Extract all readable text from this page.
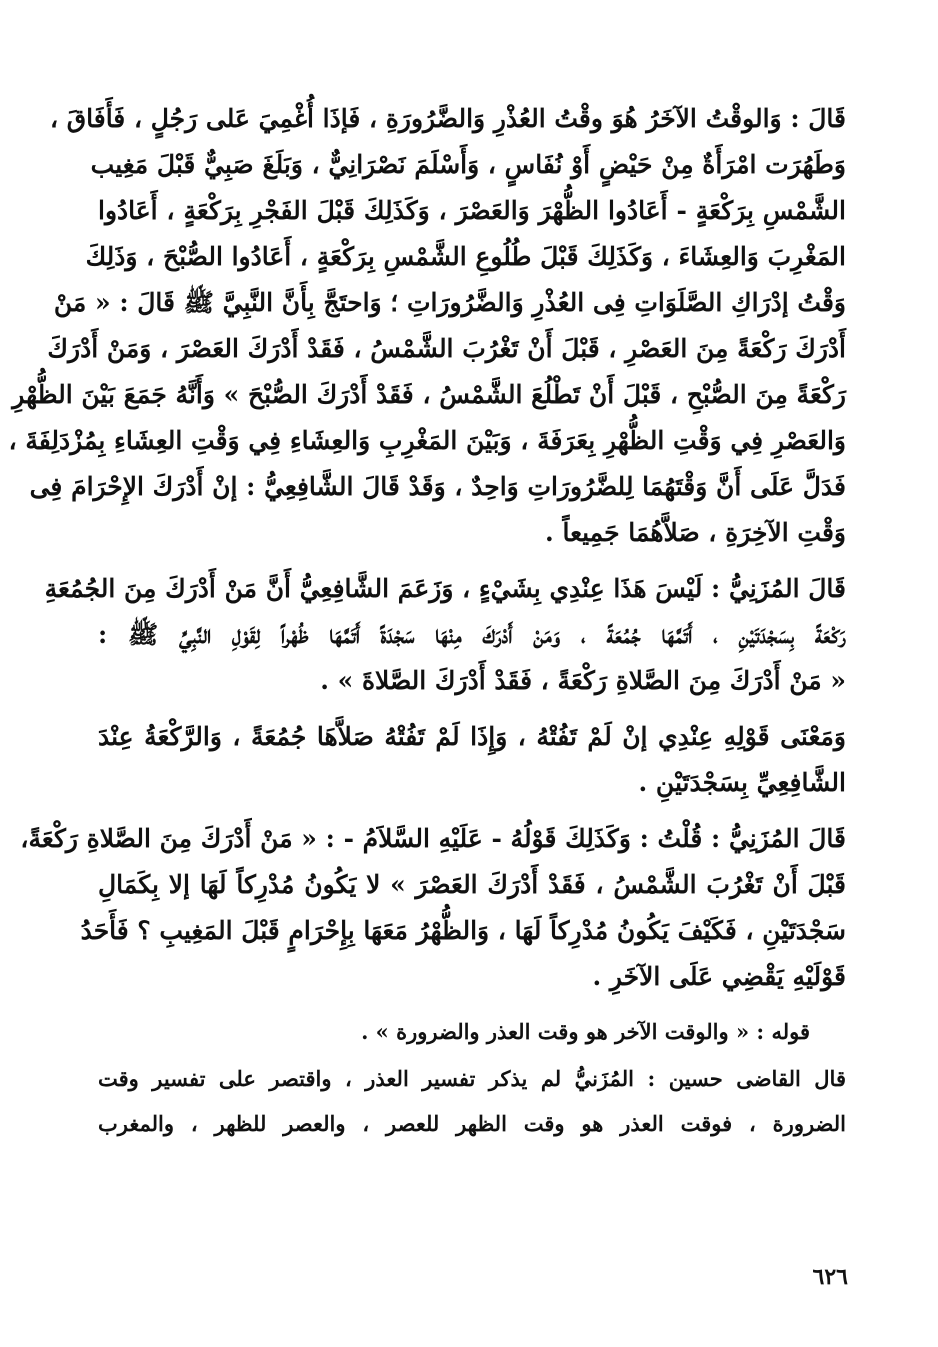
قَالَ : وَالوقْتُ الآخَرُ هُوَ وقْتُ العُذْرِ وَالضَّرُورَةِ ، فَإذَا أُغْمِيَ عَلى رَجُلٍ ، فَأَفَاقَ ،

وَطَهُرَت امْرَأَةٌ مِنْ حَيْضٍ أَوْ نُفَاسٍ ، وَأَسْلَمَ نَصْرَانِيٌّ ، وَبَلَغَ صَبِيٌّ قَبْلَ مَغِيب

الشَّمْسِ بِرَكْعَةٍ - أَعَادُوا الظُّهْرَ وَالعَصْرَ ، وَكَذَلِكَ قَبْلَ الفَجْرِ بِرَكْعَةٍ ، أَعَادُوا

المَغْرِبَ وَالعِشَاءَ ، وَكَذَلِكَ قَبْلَ طُلُوعِ الشَّمْسِ بِرَكْعَةٍ ، أَعَادُوا الصُّبْحَ ، وَذَلِكَ

وَقْتُ إدْرَاكِ الصَّلَوَاتِ فِى العُذْرِ وَالضَّرُورَاتِ ؛ وَاحتَجَّ بِأَنَّ النَّبِيَّ ﷺ قَالَ : « مَنْ

أَدْرَكَ رَكْعَةً مِنَ العَصْرِ ، قَبْلَ أَنْ تَغْرُبَ الشَّمْسُ ، فَقَدْ أَدْرَكَ العَصْرَ ، وَمَنْ أَدْرَكَ

رَكْعَةً مِنَ الصُّبْحِ ، قَبْلَ أَنْ تَطْلُعَ الشَّمْسُ ، فَقَدْ أَدْرَكَ الصُّبْحَ » وَأَنَّهُ جَمَعَ بَيْنَ الظُّهْرِ

وَالعَصْرِ فِي وَقْتِ الظُّهْرِ بِعَرَفَةَ ، وَبَيْنَ المَغْرِبِ وَالعِشَاءِ فِي وَقْتِ العِشَاءِ بِمُزْدَلِفَةَ ،

فَدَلَّ عَلَى أَنَّ وَقْتَهُمَا لِلضَّرُورَاتِ وَاحِدٌ ، وَقَدْ قَالَ الشَّافِعِيُّ : إنْ أَدْرَكَ الإِحْرَامَ فِى

وَقْتِ الآخِرَةِ ، صَلاَّهُمَا جَمِيعاً .

قَالَ المُزَنِيُّ : لَيْسَ هَذَا عِنْدِي بِشَيْءٍ ، وَزَعَمَ الشَّافِعِيُّ أَنَّ مَنْ أَدْرَكَ مِنَ الجُمُعَةِ

رَكْعَةً بِسَجْدَتَيْنِ ، أَتَمَّهَا جُمُعَةً ، وَمَنْ أَدْرَكَ مِنْهَا سَجْدَةً أَتَمَّهَا ظُهْراً لِقَوْلِ النَّبِيِّ ﷺ :

« مَنْ أَدْرَكَ مِنَ الصَّلاةِ رَكْعَةً ، فَقَدْ أَدْرَكَ الصَّلاةَ » .

وَمَعْنَى قَوْلِهِ عِنْدِي إنْ لَمْ تَفُتْهُ ، وَإِذَا لَمْ تَفُتْهُ صَلاَّهَا جُمُعَةً ، وَالرَّكْعَةُ عِنْدَ

الشَّافِعِيِّ بِسَجْدَتَيْنِ .

قَالَ المُزَنِيُّ : قُلْتُ : وَكَذَلِكَ قَوْلُهُ - عَلَيْهِ السَّلاَمُ - : « مَنْ أَدْرَكَ مِنَ الصَّلاةِ رَكْعَةً،

قَبْلَ أَنْ تَغْرُبَ الشَّمْسُ ، فَقَدْ أَدْرَكَ العَصْرَ » لا يَكُونُ مُدْرِكاً لَهَا إلا بِكَمَالِ

سَجْدَتَيْنِ ، فَكَيْفَ يَكُونُ مُدْرِكاً لَهَا ، وَالظُّهْرُ مَعَهَا بِإِحْرَامٍ قَبْلَ المَغِيبِ ؟ فَأَحَدُ

قَوْلَيْهِ يَقْضِي عَلَى الآخَرِ .

قوله : « والوقت الآخر هو وقت العذر والضرورة » .

قال القاضى حسين : المُزَنيُّ لم يذكر تفسير العذر ، واقتصر على تفسير وقت

الضرورة ، فوقت العذر هو وقت الظهر للعصر ، والعصر للظهر ، والمغرب

٦٢٦
